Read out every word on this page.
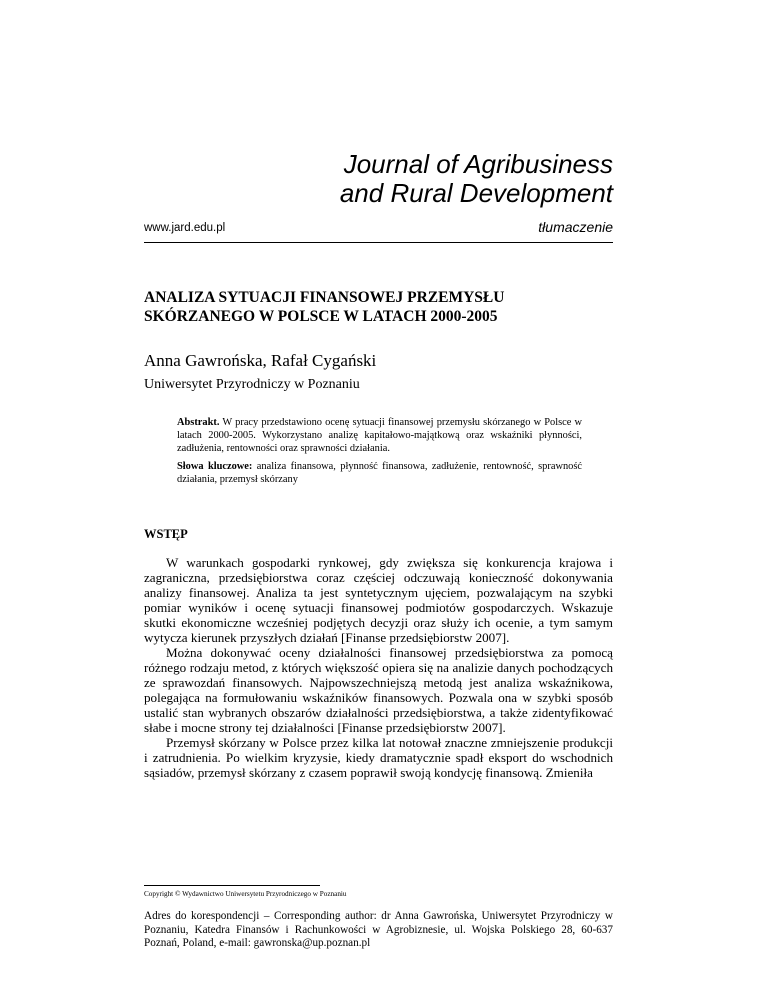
Journal of Agribusiness
and Rural Development
www.jard.edu.pl	tłumaczenie
ANALIZA SYTUACJI FINANSOWEJ PRZEMYSŁU
SKÓRZANEGO W POLSCE W LATACH 2000-2005
Anna Gawrońska, Rafał Cygański
Uniwersytet Przyrodniczy w Poznaniu

Abstrakt. W pracy przedstawiono ocenę sytuacji finansowej przemysłu skórzanego w Polsce w latach 2000-2005. Wykorzystano analizę kapitałowo-majątkową oraz wskaźniki płynności, zadłużenia, rentowności oraz sprawności działania.

Słowa kluczowe: analiza finansowa, płynność finansowa, zadłużenie, rentowność, sprawność działania, przemysł skórzany

WSTĘP

W warunkach gospodarki rynkowej, gdy zwiększa się konkurencja krajowa i zagraniczna, przedsiębiorstwa coraz częściej odczuwają konieczność dokonywania analizy finansowej. Analiza ta jest syntetycznym ujęciem, pozwalającym na szybki pomiar wyników i ocenę sytuacji finansowej podmiotów gospodarczych. Wskazuje skutki ekonomiczne wcześniej podjętych decyzji oraz służy ich ocenie, a tym samym wytycza kierunek przyszłych działań [Finanse przedsiębiorstw 2007].

Można dokonywać oceny działalności finansowej przedsiębiorstwa za pomocą różnego rodzaju metod, z których większość opiera się na analizie danych pochodzących ze sprawozdań finansowych. Najpowszechniejszą metodą jest analiza wskaźnikowa, polegająca na formułowaniu wskaźników finansowych. Pozwala ona w szybki sposób ustalić stan wybranych obszarów działalności przedsiębiorstwa, a także zidentyfikować słabe i mocne strony tej działalności [Finanse przedsiębiorstw 2007].

Przemysł skórzany w Polsce przez kilka lat notował znaczne zmniejszenie produkcji i zatrudnienia. Po wielkim kryzysie, kiedy dramatycznie spadł eksport do wschodnich sąsiadów, przemysł skórzany z czasem poprawił swoją kondycję finansową. Zmieniła

Copyright © Wydawnictwo Uniwersytetu Przyrodniczego w Poznaniu

Adres do korespondencji – Corresponding author: dr Anna Gawrońska, Uniwersytet Przyrodniczy w Poznaniu, Katedra Finansów i Rachunkowości w Agrobiznesie, ul. Wojska Polskiego 28, 60-637 Poznań, Poland, e-mail: gawronska@up.poznan.pl
